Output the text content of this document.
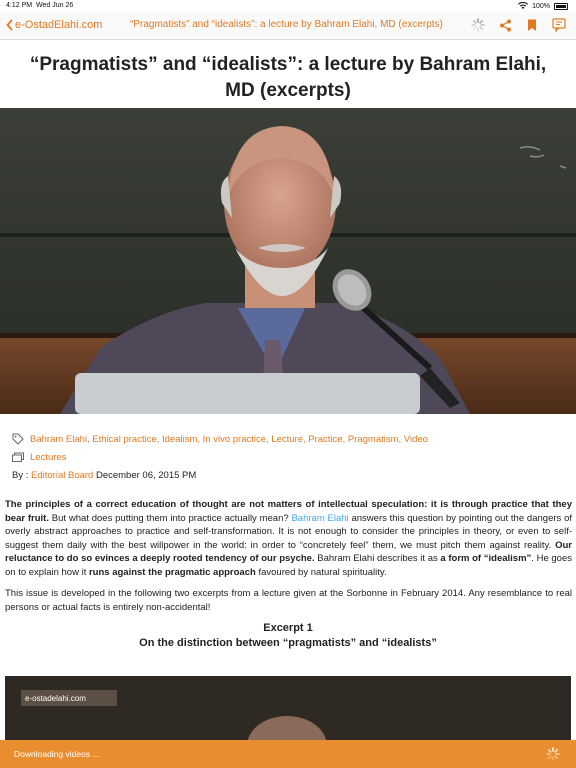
4:12 PM Wed Jun 26	100%
e-OstadElahi.com	“Pragmatists” and “idealists”: a lecture by Bahram Elahi, MD (excerpts)
“Pragmatists” and “idealists”: a lecture by Bahram Elahi, MD (excerpts)
Bahram Elahi, Ethical practice, Idealism, In vivo practice, Lecture, Practice, Pragmatism, Video
Lectures
By :
Editorial Board
December 06, 2015 PM

The principles of a correct education of thought are not matters of intellectual speculation: it is through practice that they bear fruit. But what does putting them into practice actually mean? Bahram Elahi answers this question by pointing out the dangers of overly abstract approaches to practice and self-transformation. It is not enough to consider the principles in theory, or even to self-suggest them daily with the best willpower in the world: in order to “concretely feel” them, we must pitch them against reality. Our reluctance to do so evinces a deeply rooted tendency of our psyche. Bahram Elahi describes it as a form of “idealism”. He goes on to explain how it runs against the pragmatic approach favoured by natural spirituality.

This issue is developed in the following two excerpts from a lecture given at the Sorbonne in February 2014. Any resemblance to real persons or actual facts is entirely non-accidental!

Excerpt 1
On the distinction between “pragmatists” and “idealists”
e-ostadelahi.com
Downloading videos ...
